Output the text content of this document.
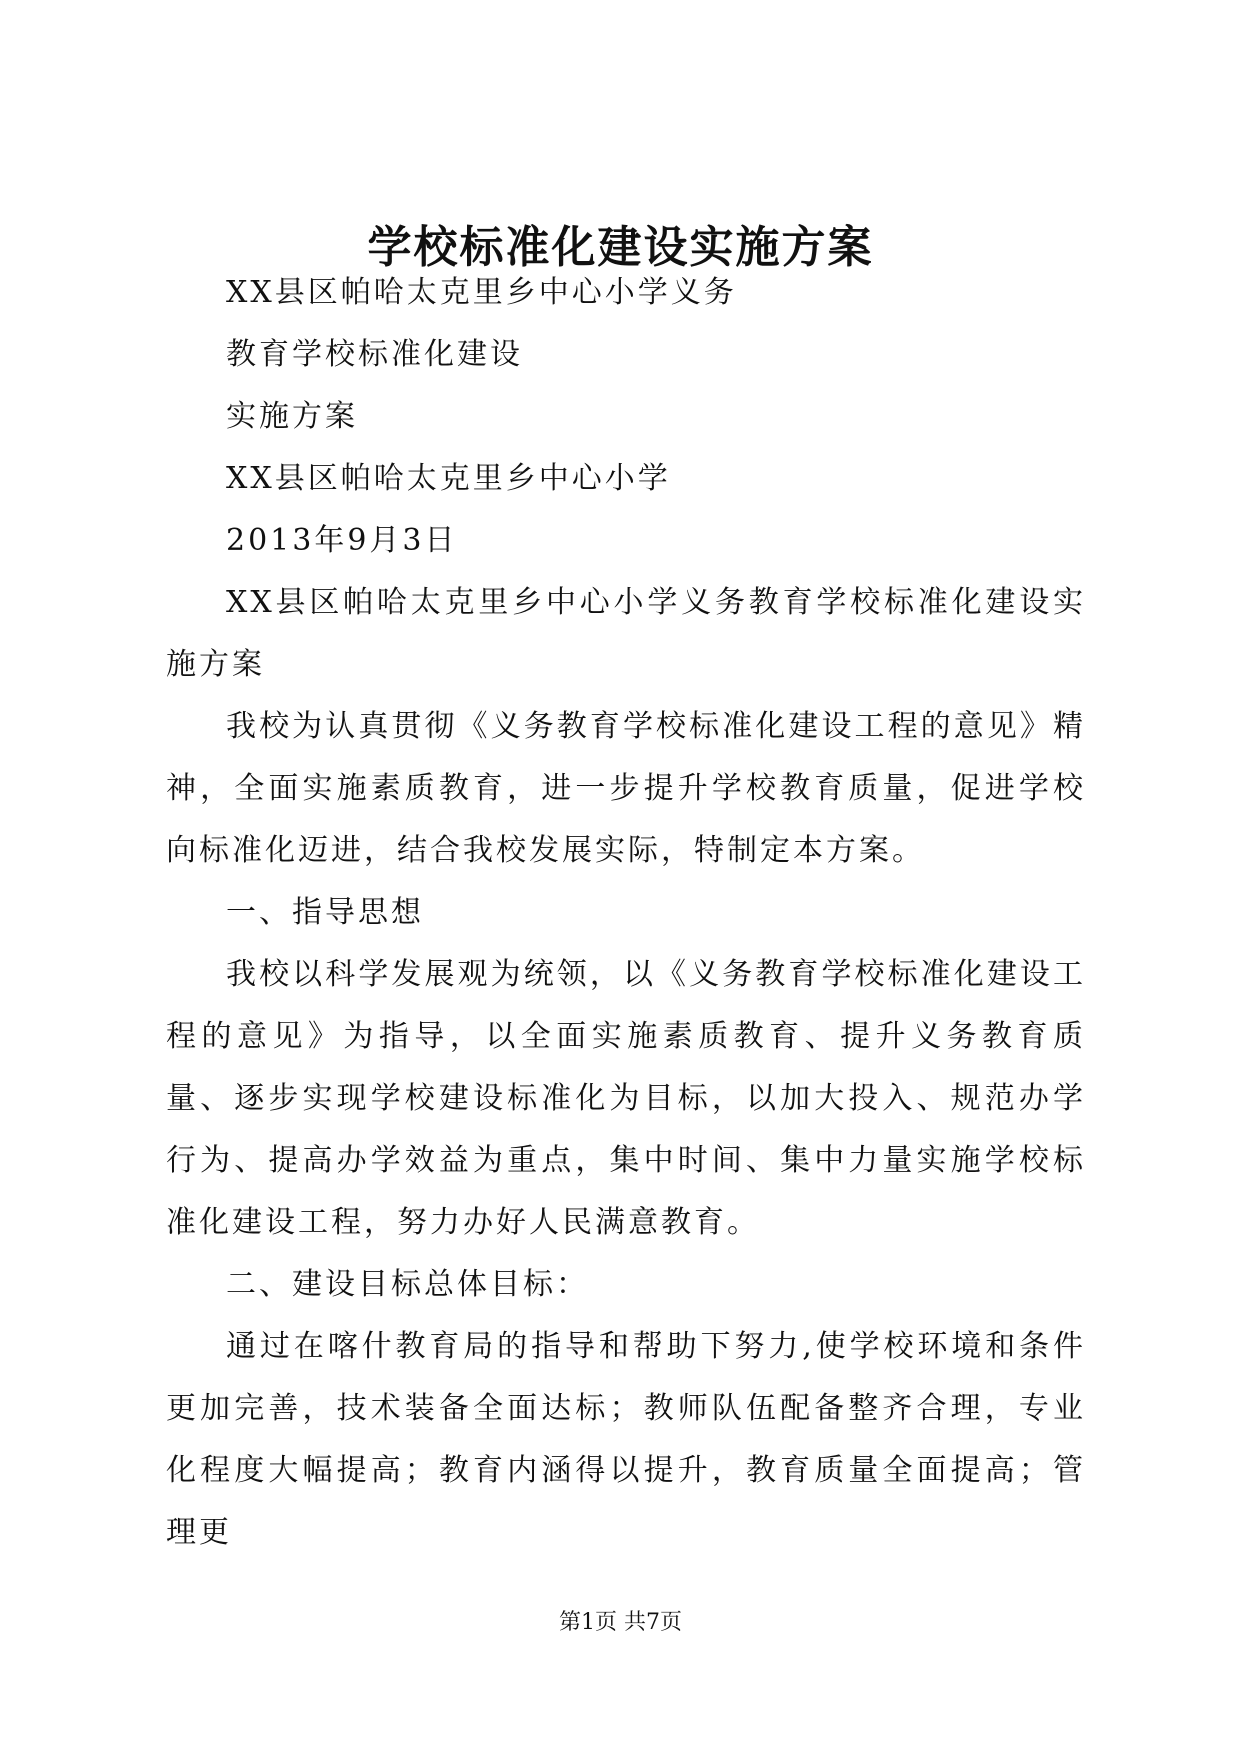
学校标准化建设实施方案

XX县区帕哈太克里乡中心小学义务

教育学校标准化建设

实施方案

XX县区帕哈太克里乡中心小学

2013年9月3日

XX县区帕哈太克里乡中心小学义务教育学校标准化建设实施方案

我校为认真贯彻《义务教育学校标准化建设工程的意见》精神，全面实施素质教育，进一步提升学校教育质量，促进学校向标准化迈进，结合我校发展实际，特制定本方案。

一、指导思想

我校以科学发展观为统领，以《义务教育学校标准化建设工程的意见》为指导，以全面实施素质教育、提升义务教育质量、逐步实现学校建设标准化为目标，以加大投入、规范办学行为、提高办学效益为重点，集中时间、集中力量实施学校标准化建设工程，努力办好人民满意教育。

二、建设目标总体目标：

通过在喀什教育局的指导和帮助下努力,使学校环境和条件更加完善，技术装备全面达标；教师队伍配备整齐合理，专业化程度大幅提高；教育内涵得以提升，教育质量全面提高；管理更

第1页 共7页
